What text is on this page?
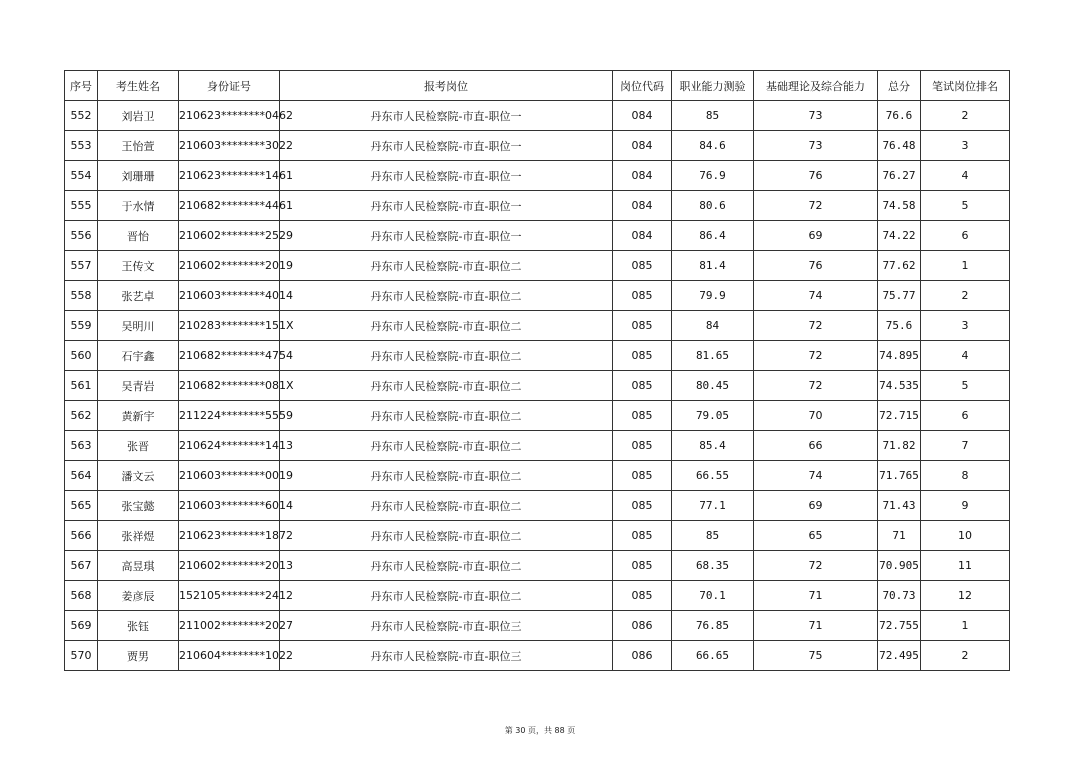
序号	考生姓名	身份证号	报考岗位	岗位代码	职业能力测验	基础理论及综合能力	总分	笔试岗位排名
552	刘岩卫	210623********0462	丹东市人民检察院-市直-职位一	084	85	73	76.6	2
553	王怡萱	210603********3022	丹东市人民检察院-市直-职位一	084	84.6	73	76.48	3
554	刘珊珊	210623********1461	丹东市人民检察院-市直-职位一	084	76.9	76	76.27	4
555	于水情	210682********4461	丹东市人民检察院-市直-职位一	084	80.6	72	74.58	5
556	晋怡	210602********2529	丹东市人民检察院-市直-职位一	084	86.4	69	74.22	6
557	王传文	210602********2019	丹东市人民检察院-市直-职位二	085	81.4	76	77.62	1
558	张艺卓	210603********4014	丹东市人民检察院-市直-职位二	085	79.9	74	75.77	2
559	吴明川	210283********151X	丹东市人民检察院-市直-职位二	085	84	72	75.6	3
560	石宇鑫	210682********4754	丹东市人民检察院-市直-职位二	085	81.65	72	74.895	4
561	吴青岩	210682********081X	丹东市人民检察院-市直-职位二	085	80.45	72	74.535	5
562	黄新宇	211224********5559	丹东市人民检察院-市直-职位二	085	79.05	70	72.715	6
563	张晋	210624********1413	丹东市人民检察院-市直-职位二	085	85.4	66	71.82	7
564	潘文云	210603********0019	丹东市人民检察院-市直-职位二	085	66.55	74	71.765	8
565	张宝懿	210603********6014	丹东市人民检察院-市直-职位二	085	77.1	69	71.43	9
566	张祥煜	210623********1872	丹东市人民检察院-市直-职位二	085	85	65	71	10
567	高昱琪	210602********2013	丹东市人民检察院-市直-职位二	085	68.35	72	70.905	11
568	姜彦辰	152105********2412	丹东市人民检察院-市直-职位二	085	70.1	71	70.73	12
569	张钰	211002********2027	丹东市人民检察院-市直-职位三	086	76.85	71	72.755	1
570	贾男	210604********1022	丹东市人民检察院-市直-职位三	086	66.65	75	72.495	2
第 30 页，共 88 页
